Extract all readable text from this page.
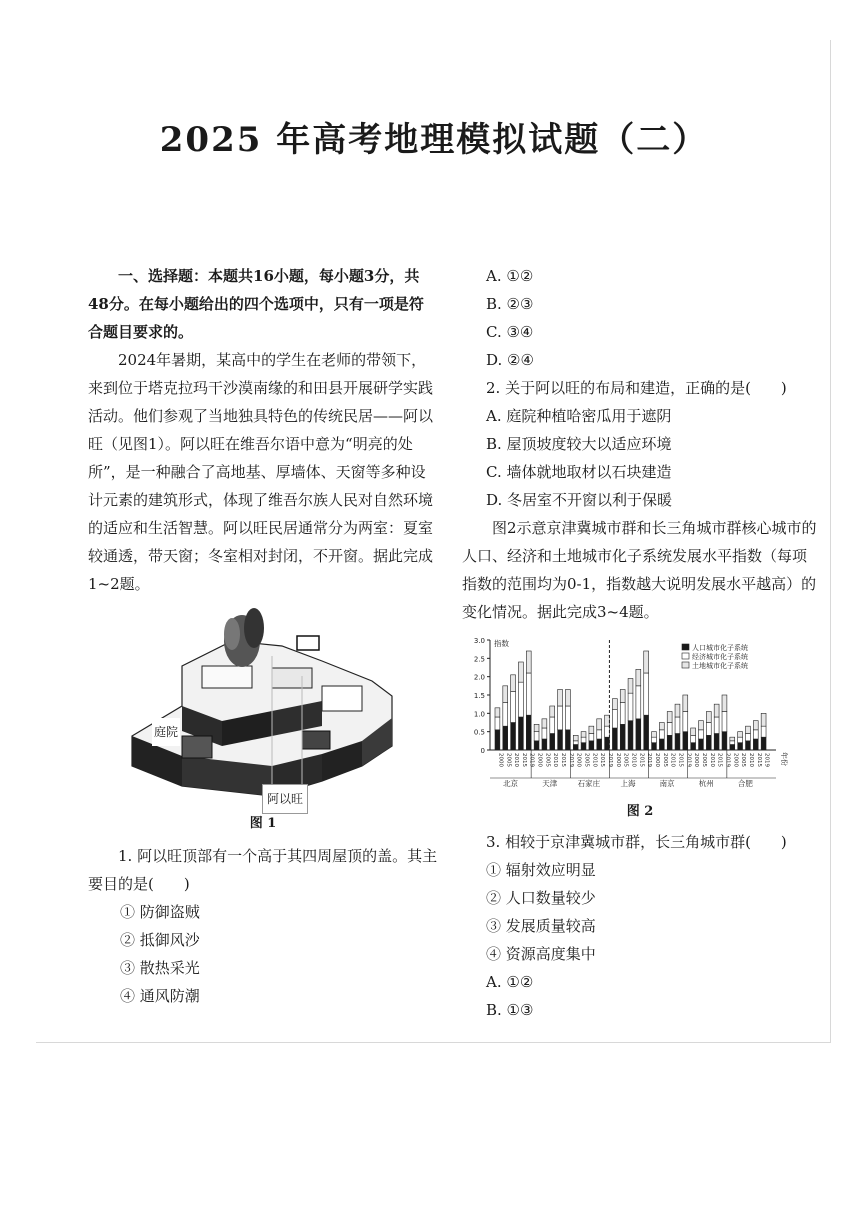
2025 年高考地理模拟试题（二）

一、选择题：本题共16小题，每小题3分，共48分。在每小题给出的四个选项中，只有一项是符合题目要求的。

2024年暑期，某高中的学生在老师的带领下，来到位于塔克拉玛干沙漠南缘的和田县开展研学实践活动。他们参观了当地独具特色的传统民居——阿以旺（见图1）。阿以旺在维吾尔语中意为“明亮的处所”，是一种融合了高地基、厚墙体、天窗等多种设计元素的建筑形式，体现了维吾尔族人民对自然环境的适应和生活智慧。阿以旺民居通常分为两室：夏室较通透，带天窗；冬室相对封闭，不开窗。据此完成1~2题。

庭院
阿以旺
图 1

1. 阿以旺顶部有一个高于其四周屋顶的盖。其主要目的是(　　)

① 防御盗贼

② 抵御风沙

③ 散热采光

④ 通风防潮

A. ①②

B. ②③

C. ③④

D. ②④

2. 关于阿以旺的布局和建造，正确的是(　　)

A. 庭院种植哈密瓜用于遮阴

B. 屋顶坡度较大以适应环境

C. 墙体就地取材以石块建造

D. 冬居室不开窗以利于保暖

图2示意京津冀城市群和长三角城市群核心城市的人口、经济和土地城市化子系统发展水平指数（每项指数的范围均为0-1，指数越大说明发展水平越高）的变化情况。据此完成3~4题。

0
0.5
1.0
1.5
2.0
2.5
3.0 指数
2000 2005 2010 2015 2019
北京
2000 2005 2010 2015 2019
天津
2000 2005 2010 2015 2019
石家庄
2000 2005 2010 2015 2019
上海
2000 2005 2010 2015 2019
南京
2000 2005 2010 2015 2019
杭州
2000 2005 2010 2015 2019
合肥
人口城市化子系统
经济城市化子系统
土地城市化子系统
年份
图 2

3. 相较于京津冀城市群，长三角城市群(　　)

① 辐射效应明显

② 人口数量较少

③ 发展质量较高

④ 资源高度集中

A. ①②

B. ①③
